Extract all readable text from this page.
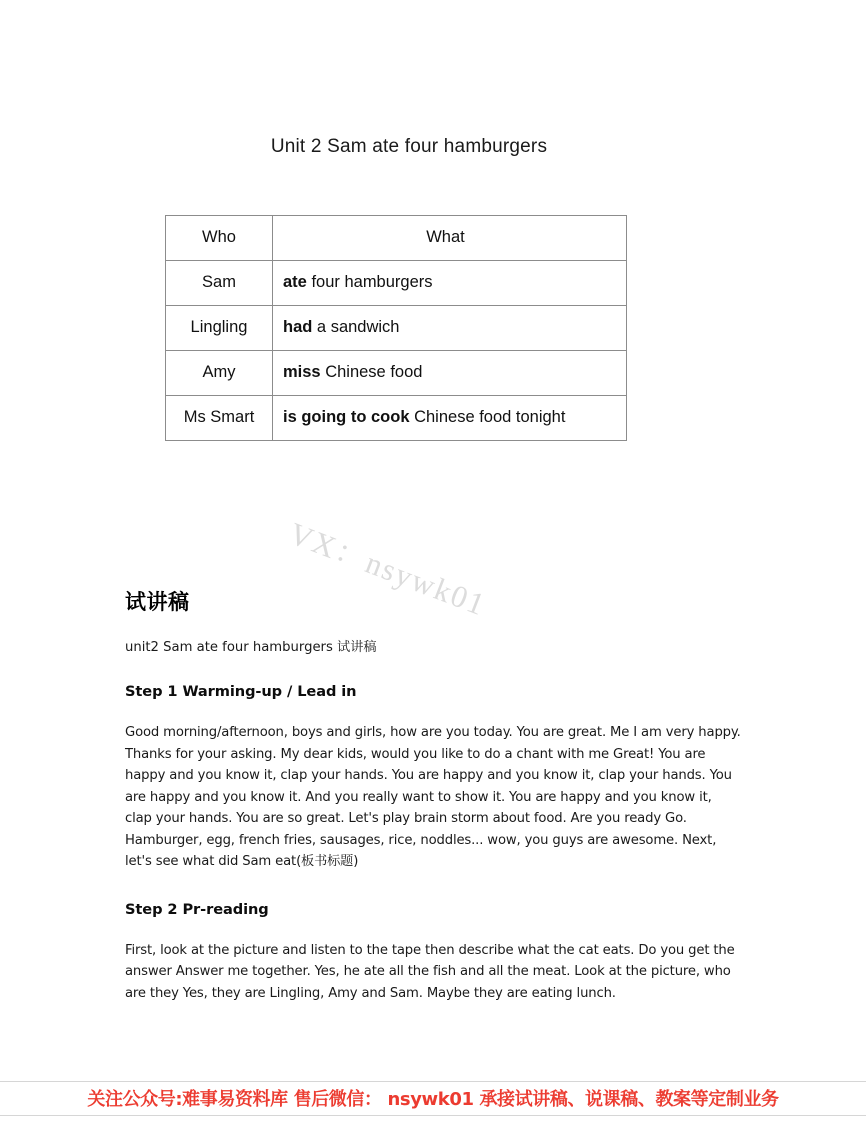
Unit 2 Sam ate four hamburgers
Who	What
Sam	ate four hamburgers
Lingling	had a sandwich
Amy	miss Chinese food
Ms Smart	is going to cook Chinese food tonight
VX：nsywk01
试讲稿

unit2 Sam ate four hamburgers 试讲稿

Step 1 Warming-up / Lead in

Good morning/afternoon, boys and girls, how are you today. You are great. Me I am very happy. Thanks for your asking. My dear kids, would you like to do a chant with me Great! You are happy and you know it, clap your hands. You are happy and you know it, clap your hands. You are happy and you know it. And you really want to show it. You are happy and you know it, clap your hands. You are so great. Let's play brain storm about food. Are you ready Go. Hamburger, egg, french fries, sausages, rice, noddles... wow, you guys are awesome. Next, let's see what did Sam eat(板书标题)

Step 2 Pr-reading

First, look at the picture and listen to the tape then describe what the cat eats. Do you get the answer Answer me together. Yes, he ate all the fish and all the meat. Look at the picture, who are they Yes, they are Lingling, Amy and Sam. Maybe they are eating lunch.

关注公众号:难事易资料库 售后微信： nsywk01 承接试讲稿、说课稿、教案等定制业务
